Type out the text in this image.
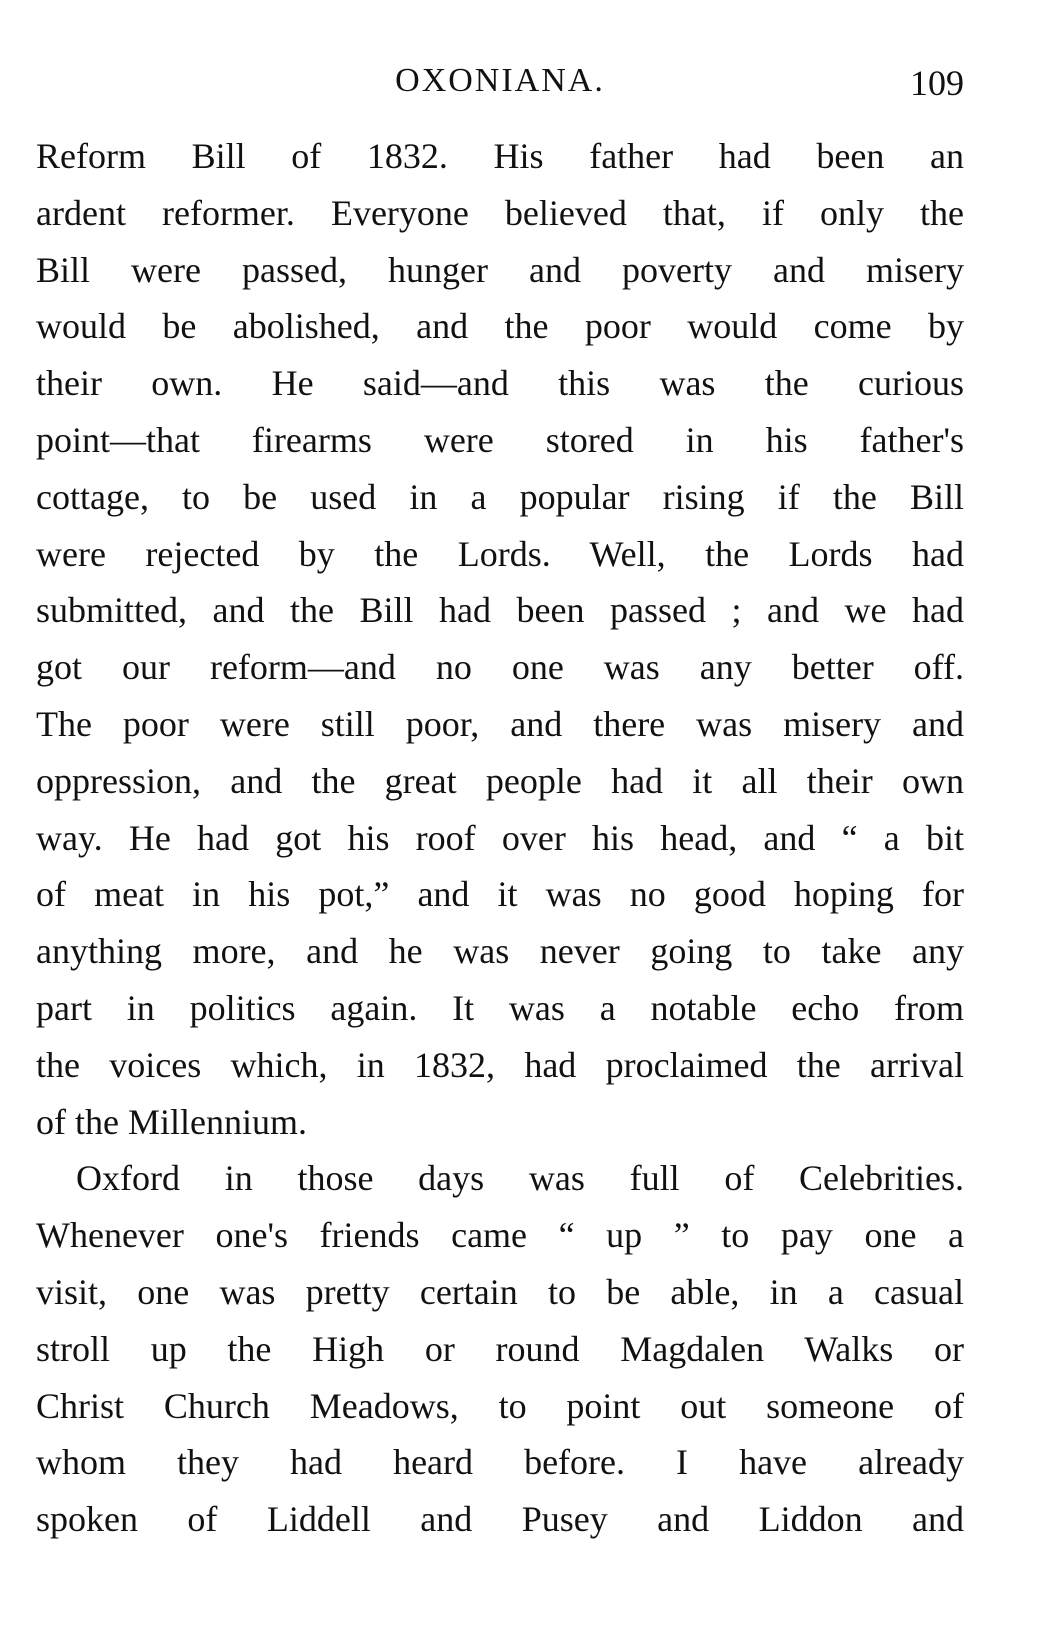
OXONIANA.	109
Reform Bill of 1832. His father had been an
ardent reformer. Everyone believed that, if only the
Bill were passed, hunger and poverty and misery
would be abolished, and the poor would come by
their own. He said—and this was the curious
point—that firearms were stored in his father's
cottage, to be used in a popular rising if the Bill
were rejected by the Lords. Well, the Lords had
submitted, and the Bill had been passed ; and we had
got our reform—and no one was any better off.
The poor were still poor, and there was misery and
oppression, and the great people had it all their own
way. He had got his roof over his head, and “ a bit
of meat in his pot,” and it was no good hoping for
anything more, and he was never going to take any
part in politics again. It was a notable echo from
the voices which, in 1832, had proclaimed the arrival
of the Millennium.
Oxford in those days was full of Celebrities.
Whenever one's friends came “ up ” to pay one a
visit, one was pretty certain to be able, in a casual
stroll up the High or round Magdalen Walks or
Christ Church Meadows, to point out someone of
whom they had heard before. I have already
spoken of Liddell and Pusey and Liddon and
